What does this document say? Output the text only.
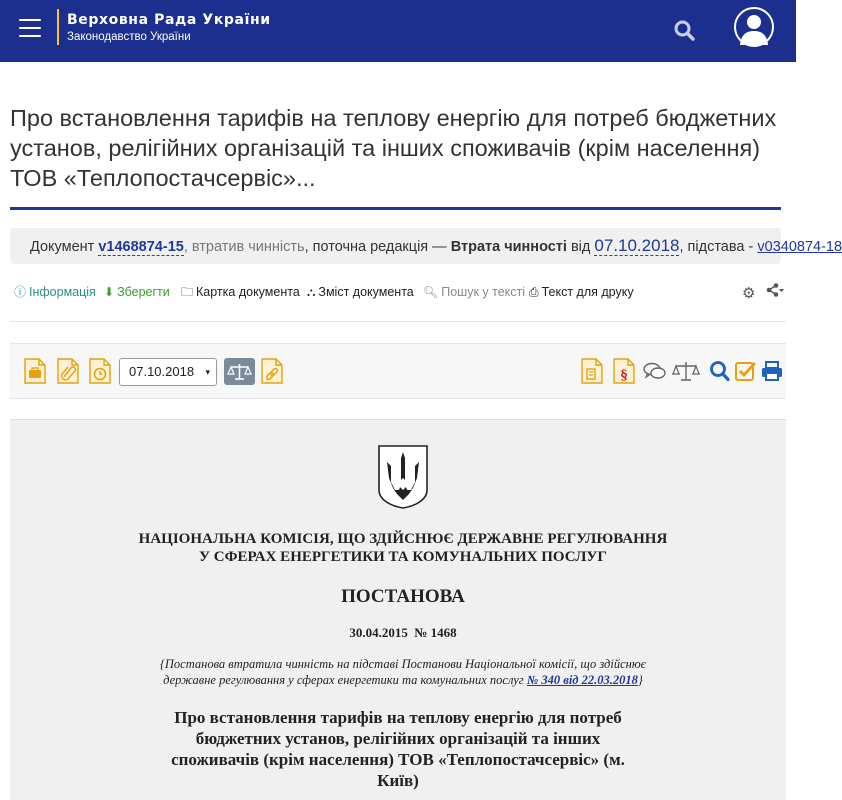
Верховна Рада України
Законодавство України
Про встановлення тарифів на теплову енергію для потреб бюджетних установ, релігійних організацій та інших споживачів (крім населення) ТОВ «Теплопостачсервіс»...
Документ v1468874-15, втратив чинність, поточна редакція — Втрата чинності від 07.10.2018, підстава - v0340874-18
ⓘ Інформація ⬇ Зберегти 🗀 Картка документа ⛬ Зміст документа 🔍︎ Пошук у тексті ⎙ Текст для друку	⚙
07.10.2018 ▾	§
НАЦІОНАЛЬНА КОМІСІЯ, ЩО ЗДІЙСНЮЄ ДЕРЖАВНЕ РЕГУЛЮВАННЯ
У СФЕРАХ ЕНЕРГЕТИКИ ТА КОМУНАЛЬНИХ ПОСЛУГ
ПОСТАНОВА
30.04.2015  № 1468
{Постанова втратила чинність на підставі Постанови Національної комісії, що здійснює
державне регулювання у сферах енергетики та комунальних послуг № 340 від 22.03.2018}
Про встановлення тарифів на теплову енергію для потреб бюджетних установ, релігійних організацій та інших споживачів (крім населення) ТОВ «Теплопостачсервіс» (м. Київ)
